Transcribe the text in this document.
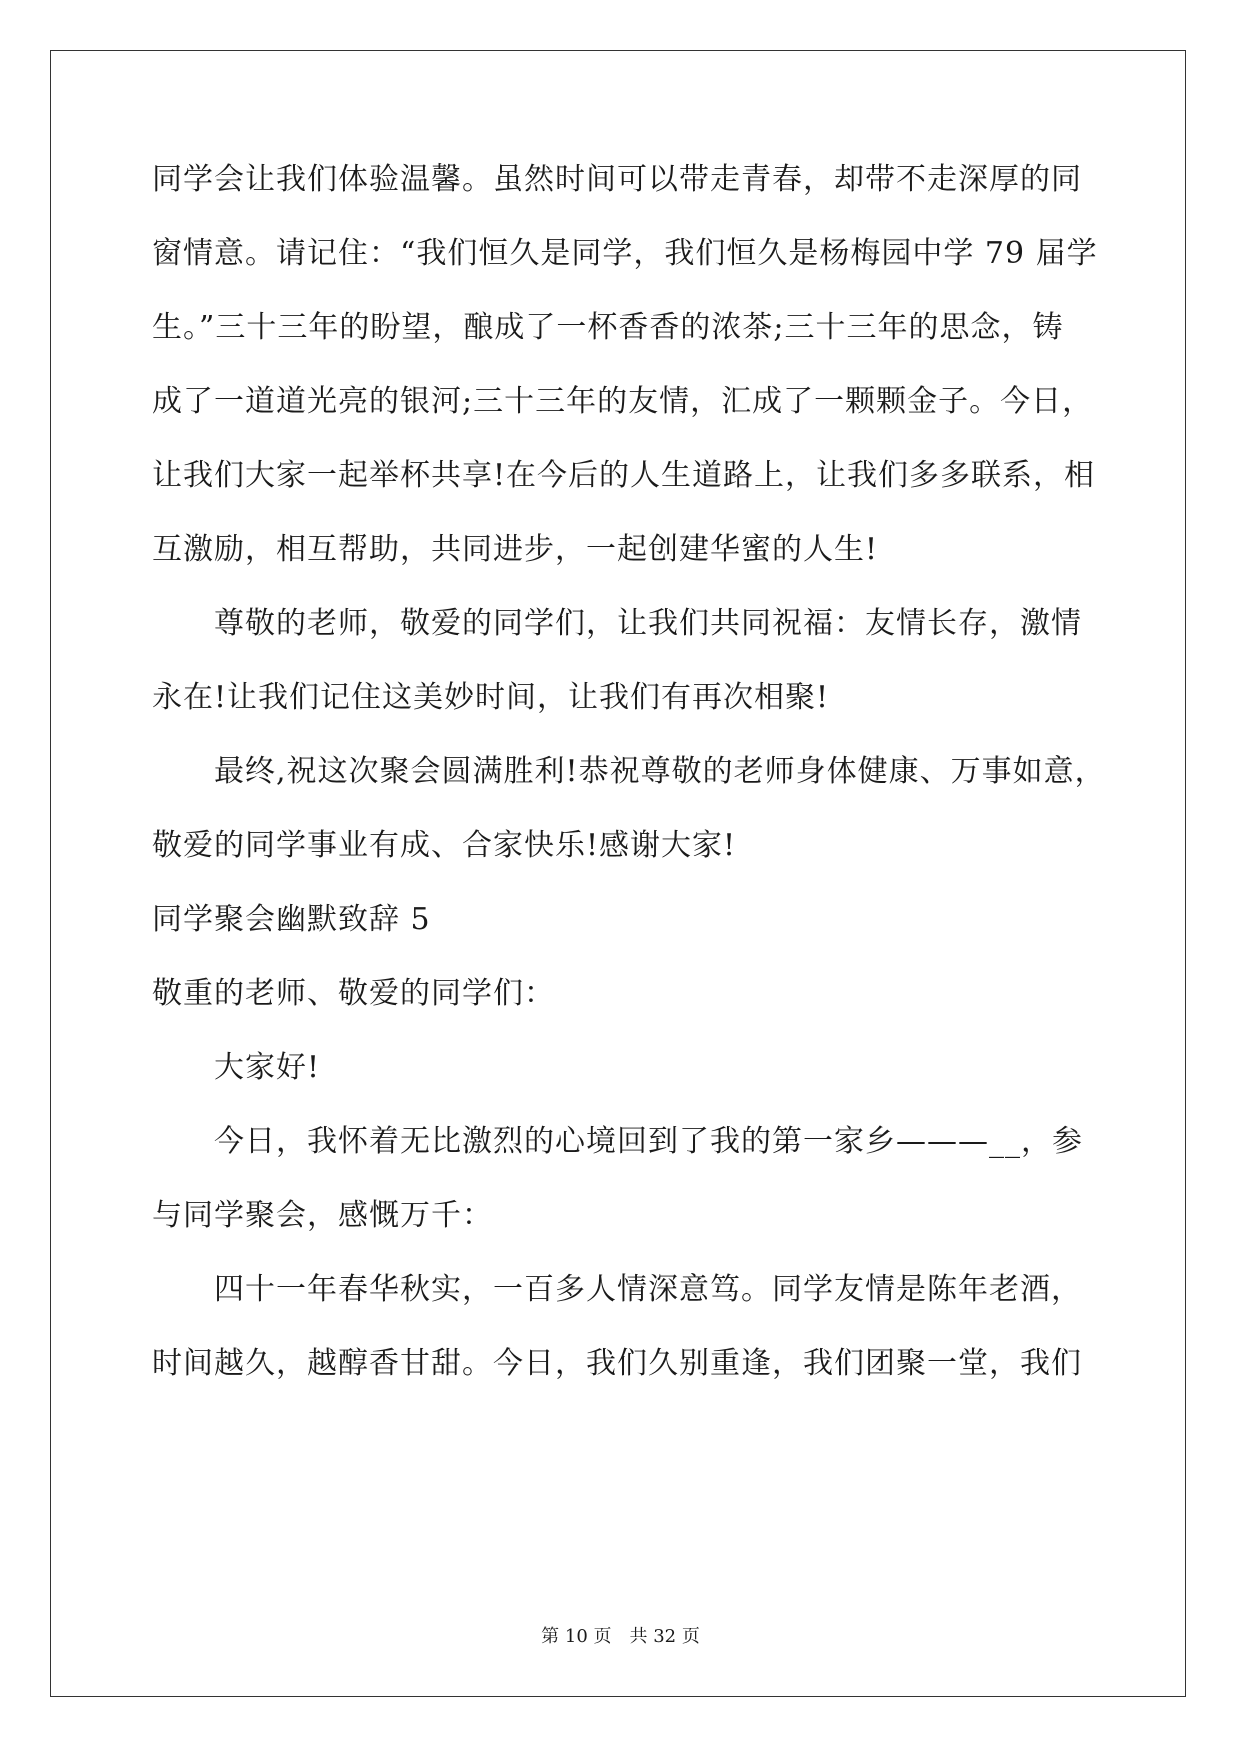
同学会让我们体验温馨。虽然时间可以带走青春，却带不走深厚的同
窗情意。请记住：“我们恒久是同学，我们恒久是杨梅园中学 79 届学
生。”三十三年的盼望，酿成了一杯香香的浓茶;三十三年的思念，铸
成了一道道光亮的银河;三十三年的友情，汇成了一颗颗金子。今日，
让我们大家一起举杯共享!在今后的人生道路上，让我们多多联系，相
互激励，相互帮助，共同进步，一起创建华蜜的人生!
尊敬的老师，敬爱的同学们，让我们共同祝福：友情长存，激情
永在!让我们记住这美妙时间，让我们有再次相聚!
最终,祝这次聚会圆满胜利!恭祝尊敬的老师身体健康、万事如意，
敬爱的同学事业有成、合家快乐!感谢大家!
同学聚会幽默致辞 5
敬重的老师、敬爱的同学们：
大家好!
今日，我怀着无比激烈的心境回到了我的第一家乡———__，参
与同学聚会，感慨万千：
四十一年春华秋实，一百多人情深意笃。同学友情是陈年老酒，
时间越久，越醇香甘甜。今日，我们久别重逢，我们团聚一堂，我们
第 10 页　共 32 页
